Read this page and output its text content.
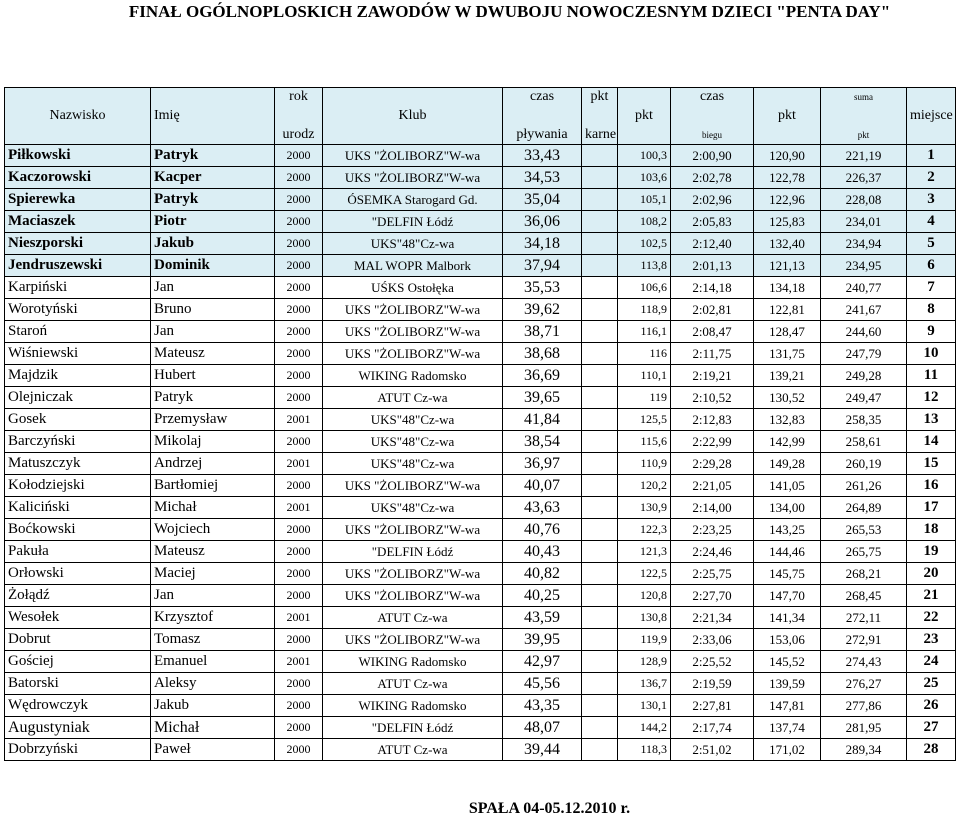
FINAŁ OGÓLNOPLOSKICH ZAWODÓW W DWUBOJU NOWOCZESNYM DZIECI "PENTA DAY"
		rok		czas	pkt		czas		suma	
Nazwisko	Imię		Klub			pkt		pkt		miejsce
		urodz		pływania	karne		biegu		pkt	
Piłkowski	Patryk	2000	UKS "ŻOLIBORZ"W-wa	33,43		100,3	2:00,90	120,90	221,19	1
Kaczorowski	Kacper	2000	UKS "ŻOLIBORZ"W-wa	34,53		103,6	2:02,78	122,78	226,37	2
Spierewka	Patryk	2000	ÓSEMKA Starogard Gd.	35,04		105,1	2:02,96	122,96	228,08	3
Maciaszek	Piotr	2000	"DELFIN Łódź	36,06		108,2	2:05,83	125,83	234,01	4
Nieszporski	Jakub	2000	UKS"48"Cz-wa	34,18		102,5	2:12,40	132,40	234,94	5
Jendruszewski	Dominik	2000	MAL WOPR Malbork	37,94		113,8	2:01,13	121,13	234,95	6
Karpiński	Jan	2000	UŚKS Ostołęka	35,53		106,6	2:14,18	134,18	240,77	7
Worotyński	Bruno	2000	UKS "ŻOLIBORZ"W-wa	39,62		118,9	2:02,81	122,81	241,67	8
Staroń	Jan	2000	UKS "ŻOLIBORZ"W-wa	38,71		116,1	2:08,47	128,47	244,60	9
Wiśniewski	Mateusz	2000	UKS "ŻOLIBORZ"W-wa	38,68		116	2:11,75	131,75	247,79	10
Majdzik	Hubert	2000	WIKING Radomsko	36,69		110,1	2:19,21	139,21	249,28	11
Olejniczak	Patryk	2000	ATUT Cz-wa	39,65		119	2:10,52	130,52	249,47	12
Gosek	Przemysław	2001	UKS"48"Cz-wa	41,84		125,5	2:12,83	132,83	258,35	13
Barczyński	Mikolaj	2000	UKS"48"Cz-wa	38,54		115,6	2:22,99	142,99	258,61	14
Matuszczyk	Andrzej	2001	UKS"48"Cz-wa	36,97		110,9	2:29,28	149,28	260,19	15
Kołodziejski	Bartłomiej	2000	UKS "ŻOLIBORZ"W-wa	40,07		120,2	2:21,05	141,05	261,26	16
Kaliciński	Michał	2001	UKS"48"Cz-wa	43,63		130,9	2:14,00	134,00	264,89	17
Boćkowski	Wojciech	2000	UKS "ŻOLIBORZ"W-wa	40,76		122,3	2:23,25	143,25	265,53	18
Pakuła	Mateusz	2000	"DELFIN Łódź	40,43		121,3	2:24,46	144,46	265,75	19
Orłowski	Maciej	2000	UKS "ŻOLIBORZ"W-wa	40,82		122,5	2:25,75	145,75	268,21	20
Żołądź	Jan	2000	UKS "ŻOLIBORZ"W-wa	40,25		120,8	2:27,70	147,70	268,45	21
Wesołek	Krzysztof	2001	ATUT Cz-wa	43,59		130,8	2:21,34	141,34	272,11	22
Dobrut	Tomasz	2000	UKS "ŻOLIBORZ"W-wa	39,95		119,9	2:33,06	153,06	272,91	23
Gościej	Emanuel	2001	WIKING Radomsko	42,97		128,9	2:25,52	145,52	274,43	24
Batorski	Aleksy	2000	ATUT Cz-wa	45,56		136,7	2:19,59	139,59	276,27	25
Wędrowczyk	Jakub	2000	WIKING Radomsko	43,35		130,1	2:27,81	147,81	277,86	26
Augustyniak	Michał	2000	"DELFIN Łódź	48,07		144,2	2:17,74	137,74	281,95	27
Dobrzyński	Paweł	2000	ATUT Cz-wa	39,44		118,3	2:51,02	171,02	289,34	28
SPAŁA 04-05.12.2010 r.
